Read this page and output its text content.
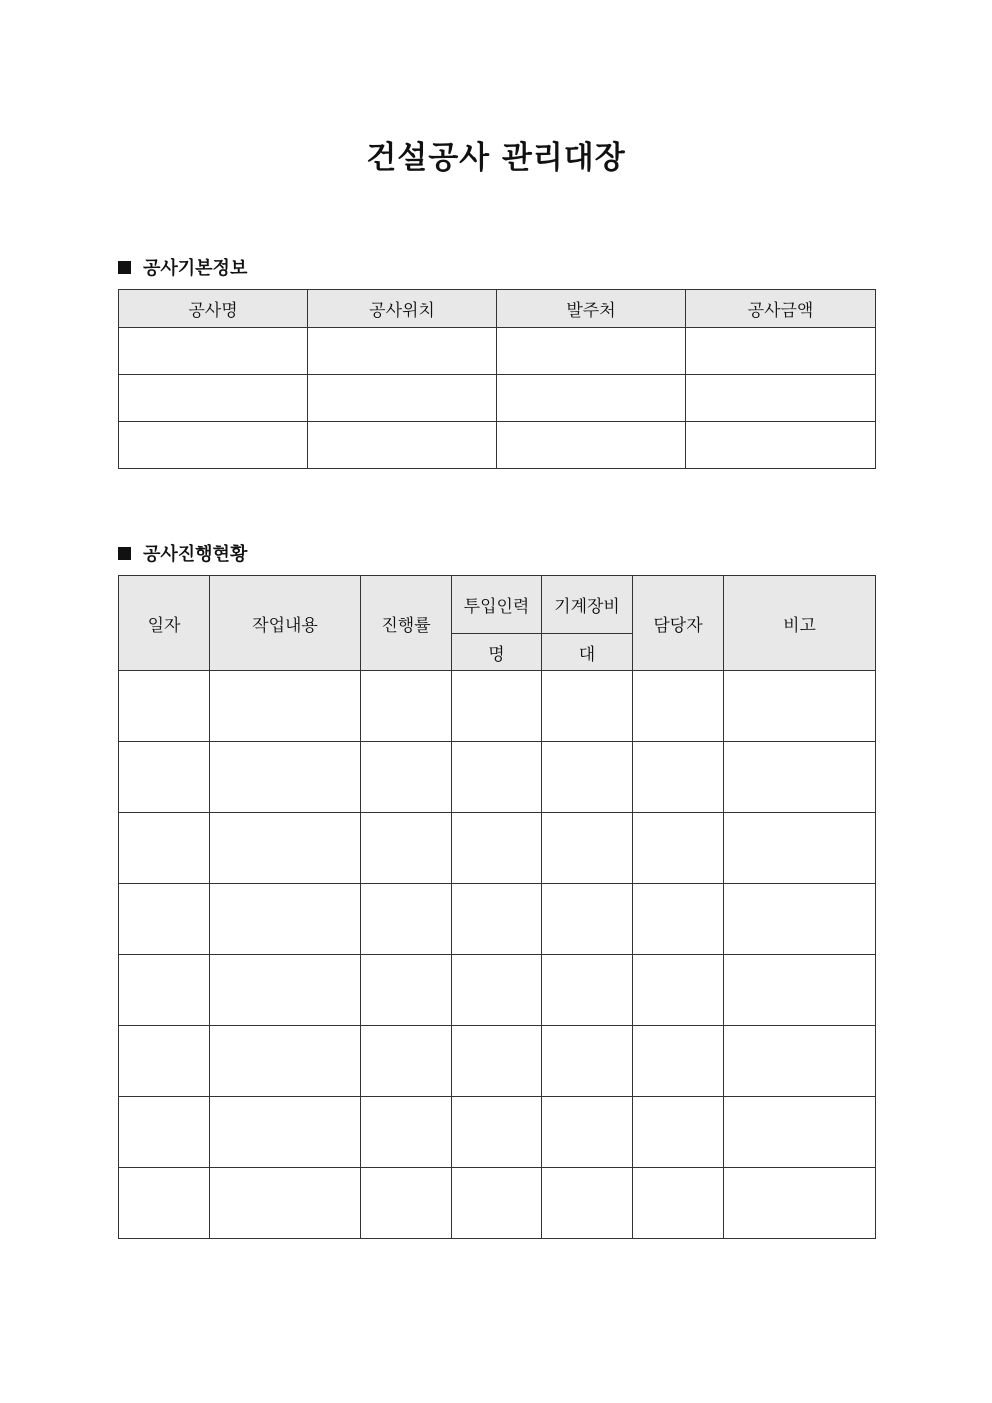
건설공사 관리대장
공사기본정보
공사명	공사위치	발주처	공사금액

공사진행현황
일자	작업내용	진행률	투입인력	기계장비	담당자	비고
			명	대		
